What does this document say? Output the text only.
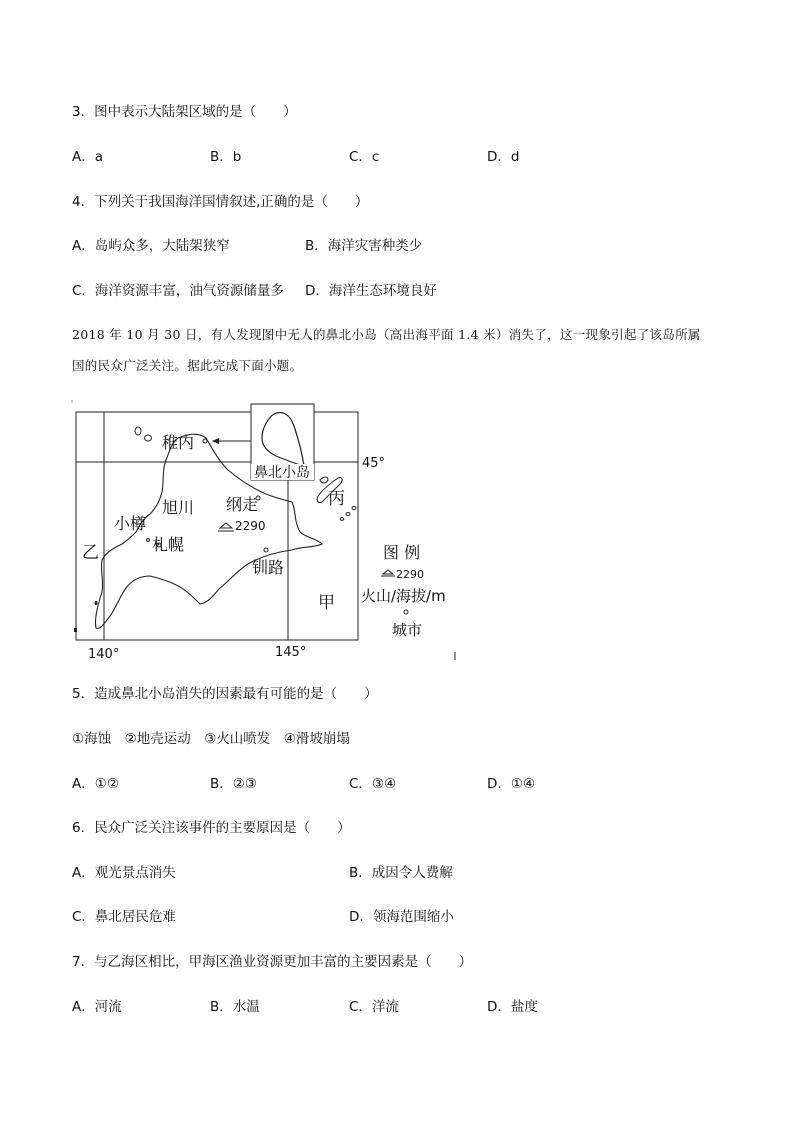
3．图中表示大陆架区域的是（　　）
A．a	B．b	C．c	D．d
4．下列关于我国海洋国情叙述,正确的是（　　）
A．岛屿众多，大陆架狭窄	B．海洋灾害种类少
C．海洋资源丰富，油气资源储量多 D．海洋生态环境良好
2018 年 10 月 30 日，有人发现图中无人的鼻北小岛（高出海平面 1.4 米）消失了，这一现象引起了该岛所属
国的民众广泛关注。据此完成下面小题。
鼻北小岛
2290
稚内
旭川
小樽
札幌
纲走
钏路
乙
丙
甲
45°
140°	145°
图 例
2290
火山/海拔/m
城市
5．造成鼻北小岛消失的因素最有可能的是（　　）
①海蚀　②地壳运动　③火山喷发　④滑坡崩塌
A．①②	B．②③	C．③④	D．①④
6．民众广泛关注该事件的主要原因是（　　）
A．观光景点消失	B．成因令人费解
C．鼻北居民危难	D．领海范围缩小
7．与乙海区相比，甲海区渔业资源更加丰富的主要因素是（　　）
A．河流	B．水温	C．洋流	D．盐度
